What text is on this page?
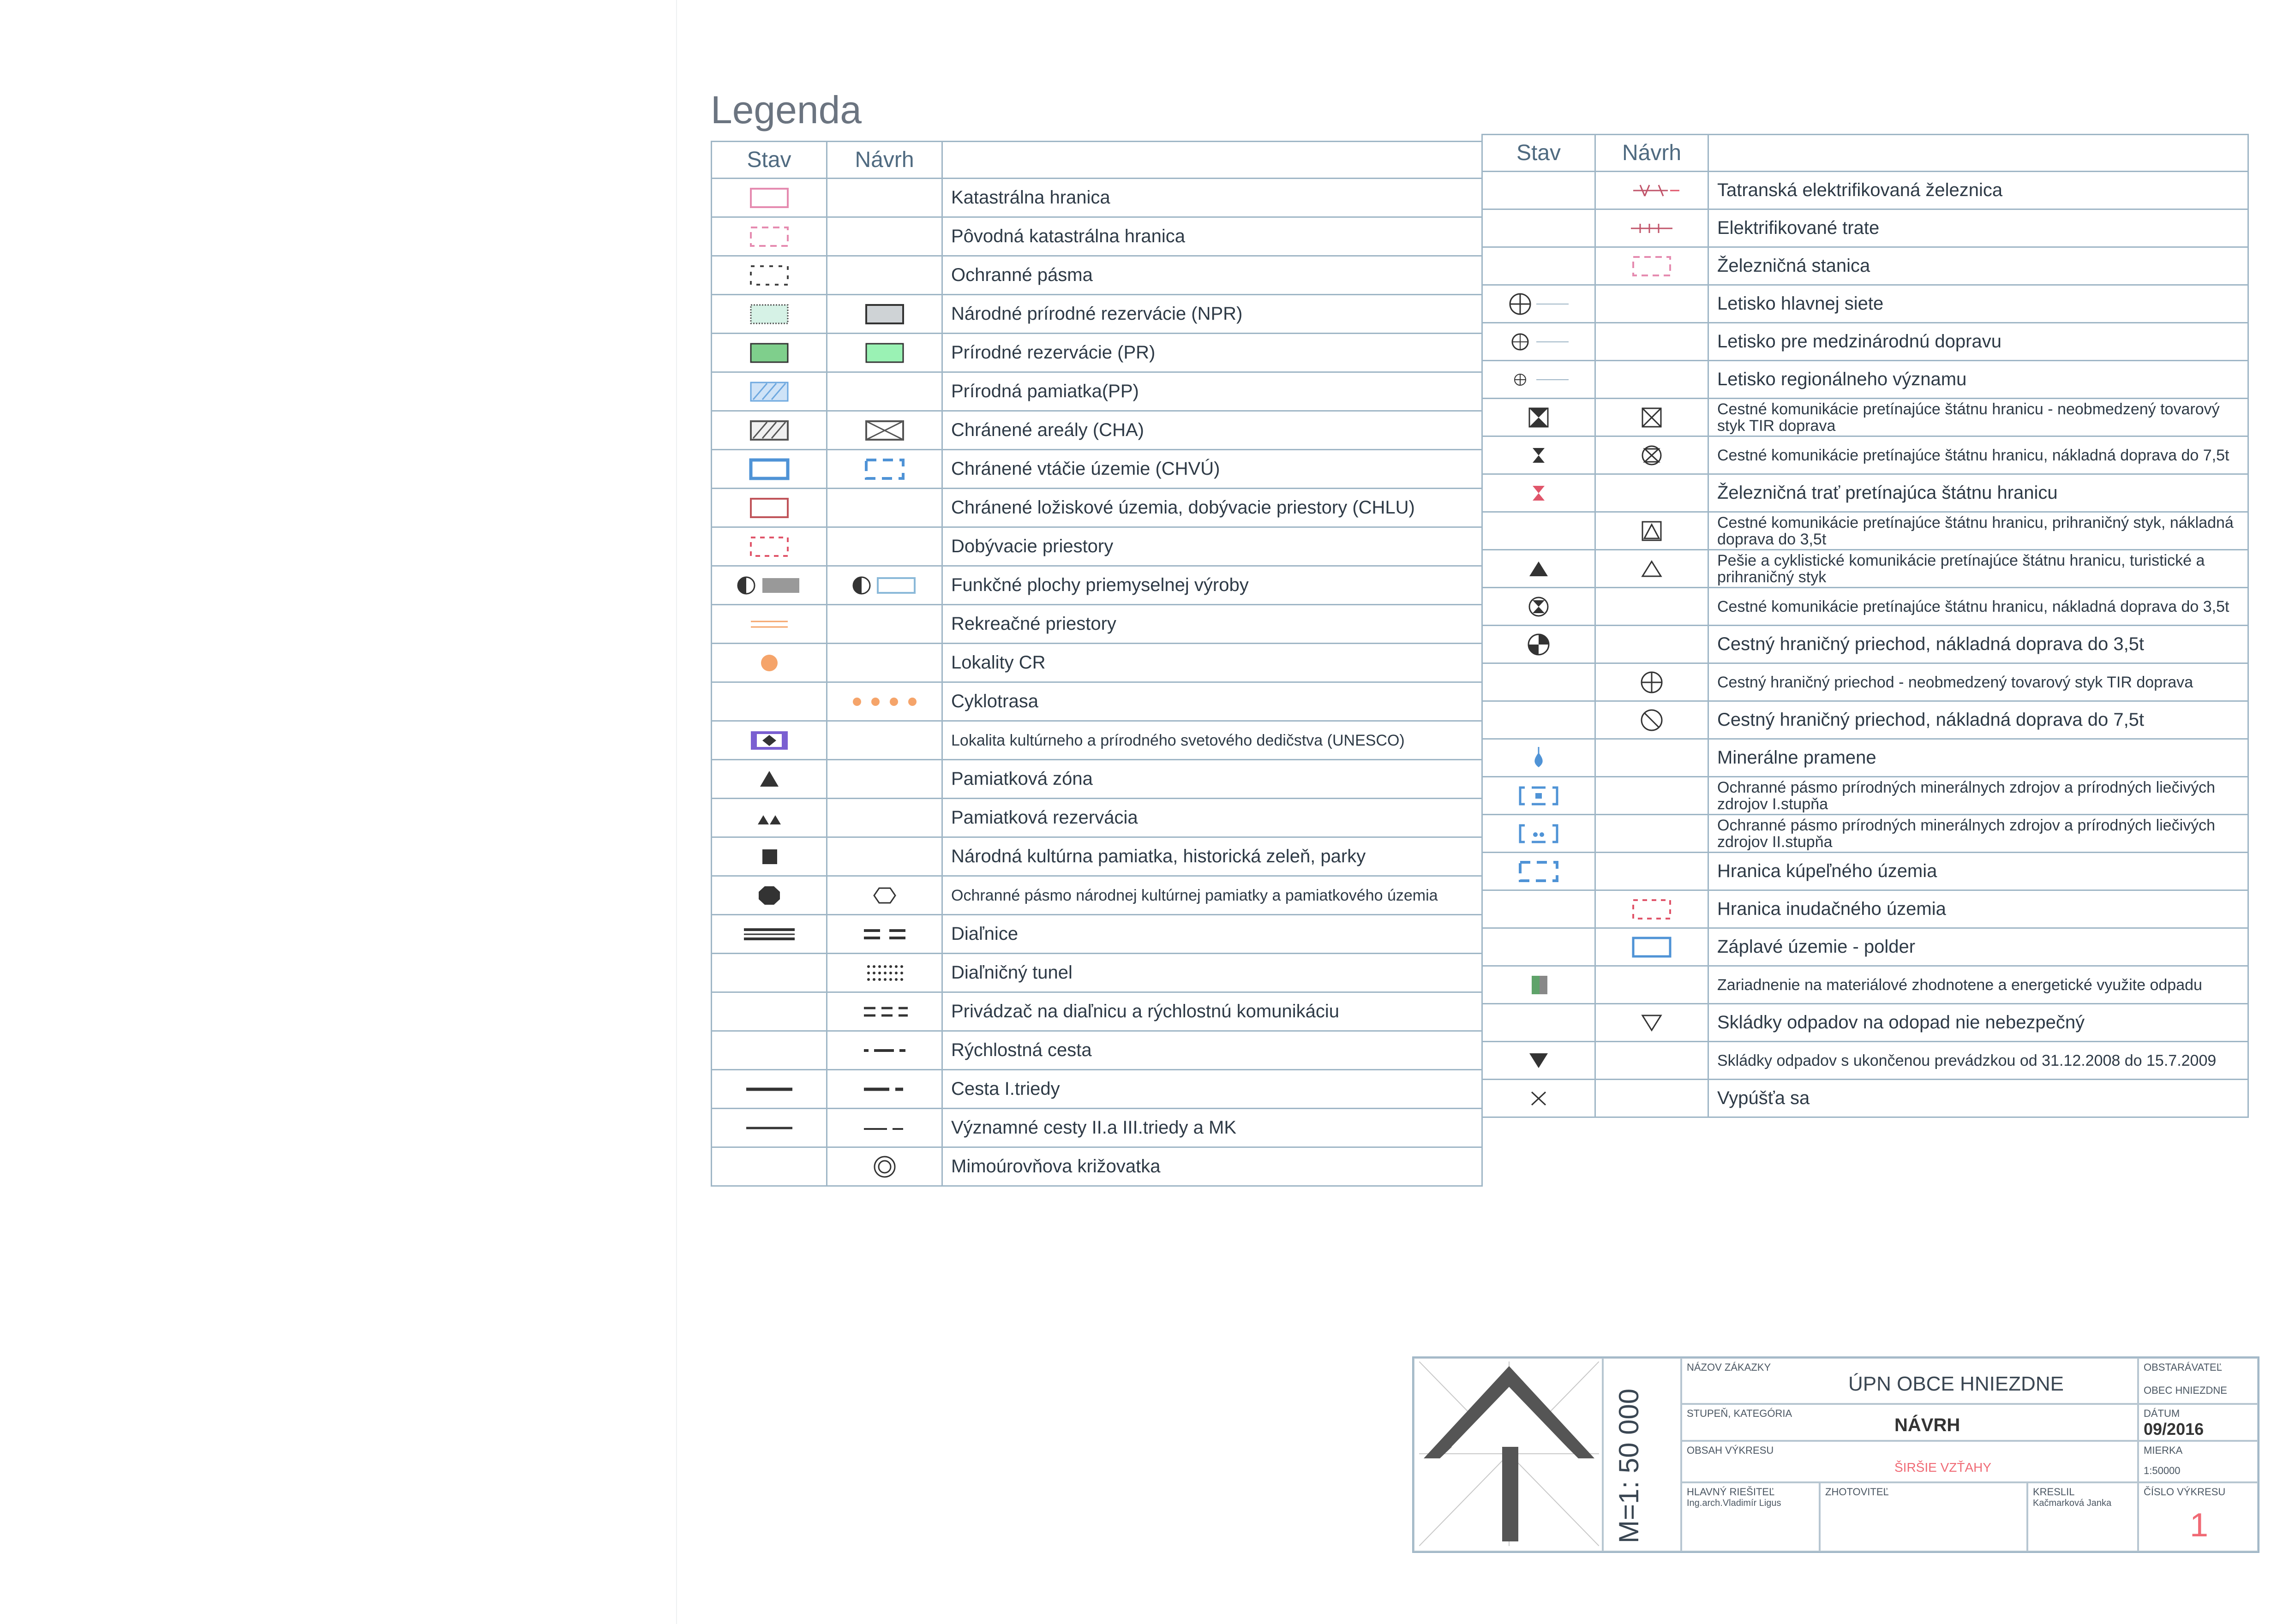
Legenda
Stav	Návrh	

		Katastrálna hranica

		Pôvodná katastrálna hranica

		Ochranné pásma

	Národné prírodné rezervácie (NPR)

	Prírodné rezervácie (PR)

		Prírodná pamiatka(PP)

	Chránené areály (CHA)

	Chránené vtáčie územie (CHVÚ)

		Chránené ložiskové územia, dobývacie priestory (CHLU)

		Dobývacie priestory

	Funkčné plochy priemyselnej výroby

		Rekreačné priestory

		Lokality CR

	Cyklotrasa

		Lokalita kultúrneho a prírodného svetového dedičstva (UNESCO)

		Pamiatková zóna

		Pamiatková rezervácia

		Národná kultúrna pamiatka, historická zeleň, parky

	Ochranné pásmo národnej kultúrnej pamiatky a pamiatkového územia

	Diaľnice

	Diaľničný tunel

	Privádzač na diaľnicu a rýchlostnú komunikáciu

	Rýchlostná cesta

	Cesta I.triedy

	Významné cesty II.a III.triedy a MK

	Mimoúrovňova križovatka
Stav	Návrh	

	Tatranská elektrifikovaná železnica

	Elektrifikované trate

	Železničná stanica

		Letisko hlavnej siete

		Letisko pre medzinárodnú dopravu

		Letisko regionálneho významu

	Cestné komunikácie pretínajúce štátnu hranicu - neobmedzený tovarový styk TIR doprava

	Cestné komunikácie pretínajúce štátnu hranicu, nákladná doprava do 7,5t

		Železničná trať pretínajúca štátnu hranicu

	Cestné komunikácie pretínajúce štátnu hranicu, prihraničný styk, nákladná doprava do 3,5t

	Pešie a cyklistické komunikácie pretínajúce štátnu hranicu, turistické a prihraničný styk

		Cestné komunikácie pretínajúce štátnu hranicu, nákladná doprava do 3,5t

		Cestný hraničný priechod, nákladná doprava do 3,5t

	Cestný hraničný priechod - neobmedzený tovarový styk TIR doprava

	Cestný hraničný priechod, nákladná doprava do 7,5t

		Minerálne pramene

		Ochranné pásmo prírodných minerálnych zdrojov a prírodných liečivých zdrojov I.stupňa

		Ochranné pásmo prírodných minerálnych zdrojov a prírodných liečivých zdrojov II.stupňa

		Hranica kúpeľného územia

	Hranica inudačného územia

	Záplavé územie - polder

		Zariadnenie na materiálové zhodnotene a energetické využite odpadu

	Skládky odpadov na odopad nie nebezpečný

		Skládky odpadov s ukončenou prevádzkou od 31.12.2008 do 15.7.2009

		Vypúšťa sa
M=1: 50 000
NÁZOV ZÁKAZKY
ÚPN OBCE HNIEZDNE
OBSTARÁVATEĽ
OBEC HNIEZDNE
STUPEŇ, KATEGÓRIA
NÁVRH
DÁTUM
09/2016
OBSAH VÝKRESU
ŠIRŠIE VZŤAHY
MIERKA
1:50000
HLAVNÝ RIEŠITEĽ
Ing.arch.Vladimír Ligus
ZHOTOVITEĽ	KRESLIL
Kačmarková Janka
ČÍSLO VÝKRESU
1
